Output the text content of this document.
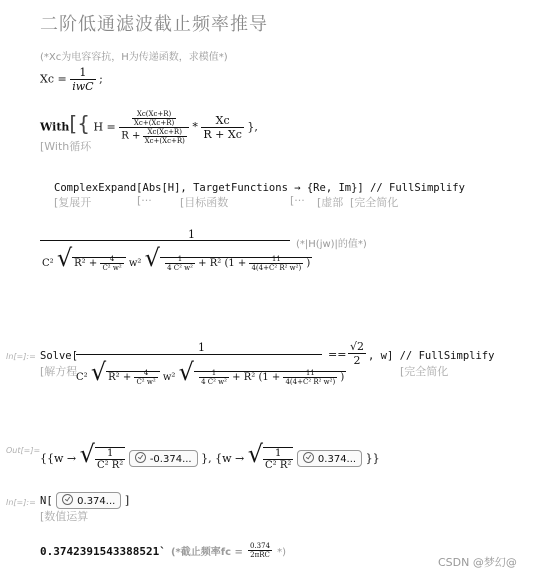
二阶低通滤波截止频率推导
(*Xc为电容容抗，H为传递函数，求模值*)
$Xc = \frac{1}{\text{iwC}}$ ;
With[{ $H = \frac{\frac{Xc(Xc+R)}{Xc+(Xc+R)}}{R + \frac{Xc(Xc+R)}{Xc+(Xc+R)}} * \frac{Xc}{R + Xc}$ },
[With循环
ComplexExpand[Abs[H], TargetFunctions → {Re, Im}] // FullSimplify
[复展开	[···	[目标函数	[··· [虚部 [完全简化
1
C² √ $R^2 + \frac{4}{\text{C² w²}} w^2$ √ $\frac{1}{\text{4 C² w²}} + R^2$ ($1 + \frac{11}{\text{4(4+C² R² w²)}}$ )
(*|H(jw)|的值*)
In[=]:= Solve[
[解方程
1
C² √ $R^2 + \frac{4}{\text{C² w²}} w^2$ √ $\frac{1}{\text{4 C² w²}} + R^2$ ($1 + \frac{11}{\text{4(4+C² R² w²)}}$ )
== $\frac{√2}{2}$ , w] // FullSimplify
[完全简化
Out[=]=
{{w → √ $\frac{1}{\text{C² R²}} -0.374$... }, {w → √ $\frac{1}{\text{C² R²}} 0.374$... }}
In[=]:= N[ 0.374... ]
[数值运算
0.3742391543388521` (*截止频率fc = $\frac{0.374}{\text{2πRC}}$ *)
CSDN @梦幻@
